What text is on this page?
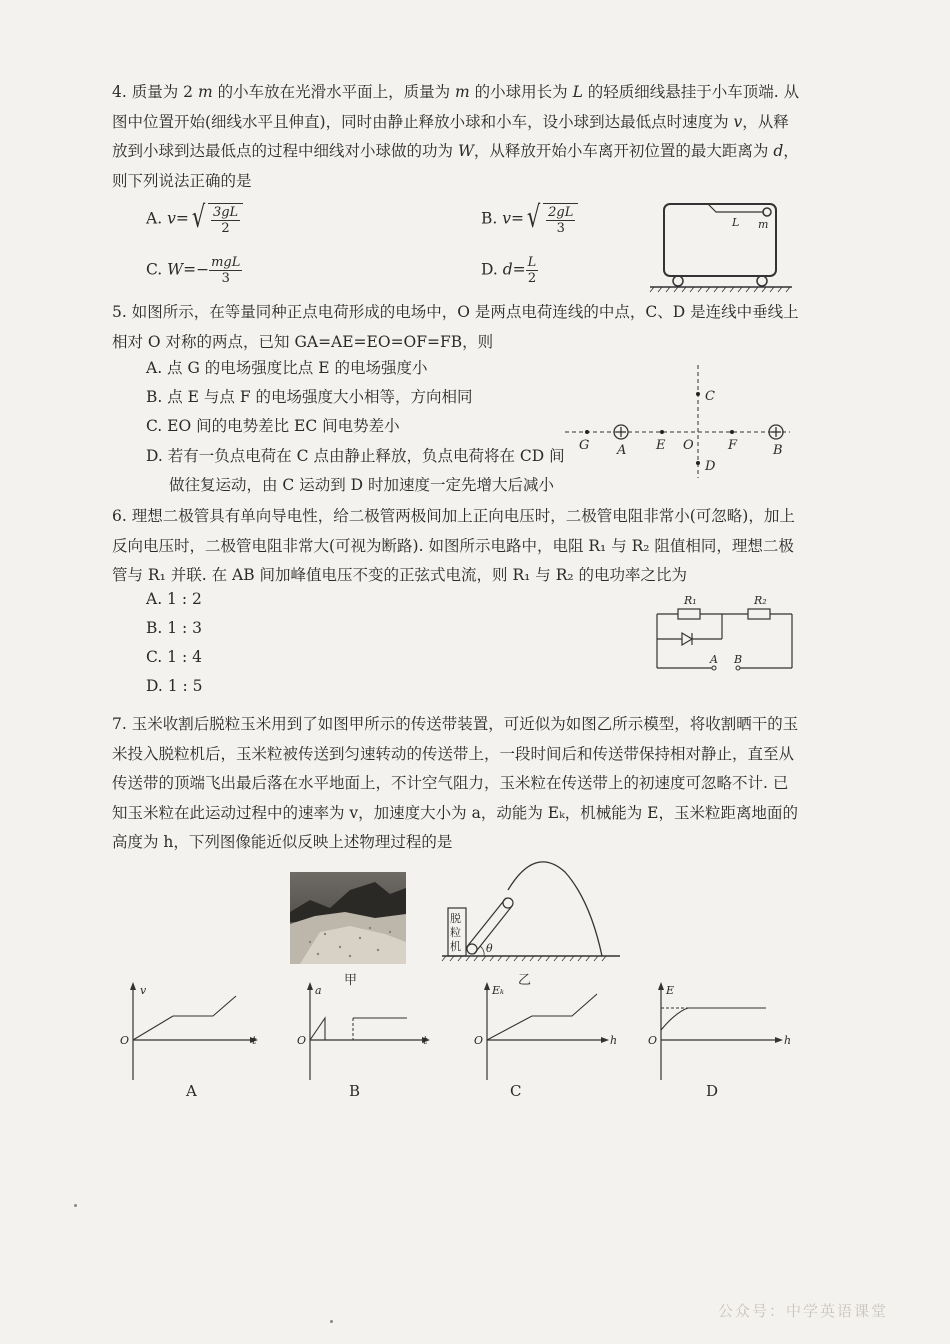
4. 质量为 2 m 的小车放在光滑水平面上，质量为 m 的小球用长为 L 的轻质细线悬挂于小车顶端. 从图中位置开始(细线水平且伸直)，同时由静止释放小球和小车，设小球到达最低点时速度为 v，从释放到小球到达最低点的过程中细线对小球做的功为 W，从释放开始小车离开初位置的最大距离为 d，则下列说法正确的是
A. $v=√ \frac{3gL}{2}$	B. $v=√ \frac{2gL}{3}$
C. $W=- \frac{\text{mgL}}{3}$	D. $d= \frac{L}{2}$
L m
5. 如图所示，在等量同种正点电荷形成的电场中，O 是两点电荷连线的中点，C、D 是连线中垂线上相对 O 对称的两点，已知 GA=AE=EO=OF=FB，则
A. 点 G 的电场强度比点 E 的电场强度小
B. 点 E 与点 F 的电场强度大小相等，方向相同
C. EO 间的电势差比 EC 间电势差小
D. 若有一负点电荷在 C 点由静止释放，负点电荷将在 CD 间
做往复运动，由 C 运动到 D 时加速度一定先增大后减小
G A E O	F	B
C
D
6. 理想二极管具有单向导电性，给二极管两极间加上正向电压时，二极管电阻非常小(可忽略)，加上反向电压时，二极管电阻非常大(可视为断路). 如图所示电路中，电阻 R₁ 与 R₂ 阻值相同，理想二极管与 R₁ 并联. 在 AB 间加峰值电压不变的正弦式电流，则 R₁ 与 R₂ 的电功率之比为
A. 1 : 2
B. 1 : 3
C. 1 : 4
D. 1 : 5
R₁	R₂
A B
7. 玉米收割后脱粒玉米用到了如图甲所示的传送带装置，可近似为如图乙所示模型，将收割晒干的玉米投入脱粒机后，玉米粒被传送到匀速转动的传送带上，一段时间后和传送带保持相对静止，直至从传送带的顶端飞出最后落在水平地面上，不计空气阻力，玉米粒在传送带上的初速度可忽略不计. 已知玉米粒在此运动过程中的速率为 v，加速度大小为 a，动能为 Eₖ，机械能为 E，玉米粒距离地面的高度为 h，下列图像能近似反映上述物理过程的是
甲
脱
粒
机 θ
乙
v
t
O
A
a
t
O
B
Eₖ
h
O
C
E
h
O
D
公众号：中学英语课堂
